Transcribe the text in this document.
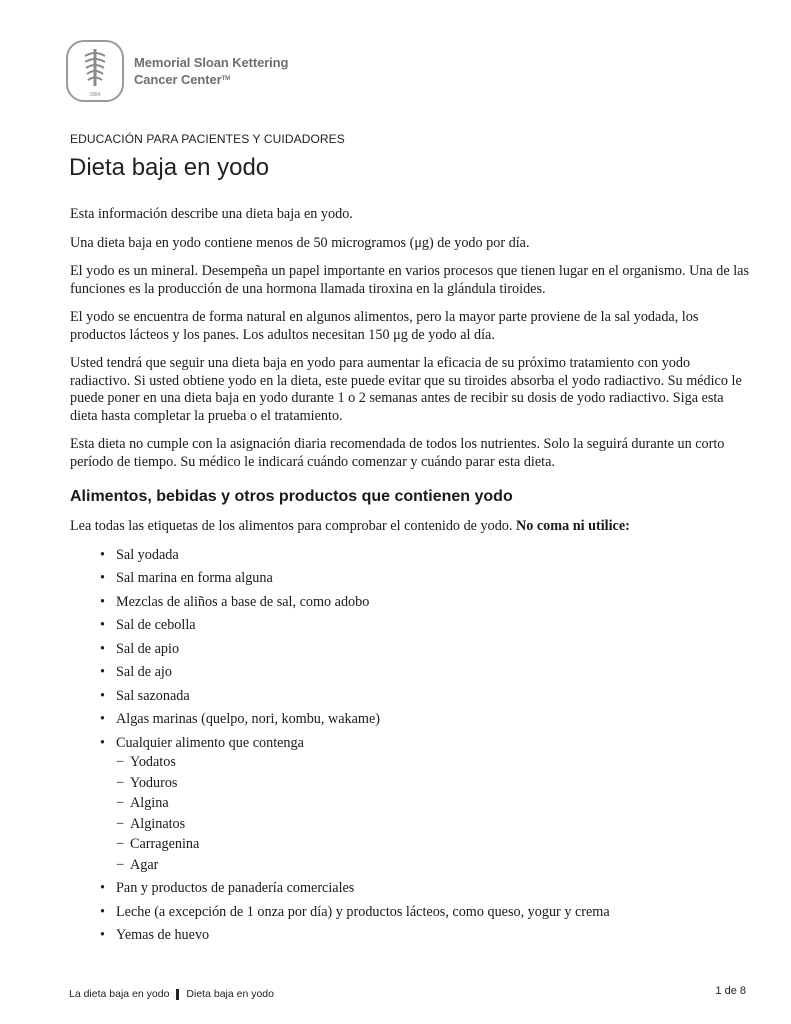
1884
Memorial Sloan Kettering
Cancer CenterTM
EDUCACIÓN PARA PACIENTES Y CUIDADORES
Dieta baja en yodo

Esta información describe una dieta baja en yodo.

Una dieta baja en yodo contiene menos de 50 microgramos (μg) de yodo por día.

El yodo es un mineral. Desempeña un papel importante en varios procesos que tienen lugar en el organismo. Una de las funciones es la producción de una hormona llamada tiroxina en la glándula tiroides.

El yodo se encuentra de forma natural en algunos alimentos, pero la mayor parte proviene de la sal yodada, los productos lácteos y los panes. Los adultos necesitan 150 μg de yodo al día.

Usted tendrá que seguir una dieta baja en yodo para aumentar la eficacia de su próximo tratamiento con yodo radiactivo. Si usted obtiene yodo en la dieta, este puede evitar que su tiroides absorba el yodo radiactivo. Su médico le puede poner en una dieta baja en yodo durante 1 o 2 semanas antes de recibir su dosis de yodo radiactivo. Siga esta dieta hasta completar la prueba o el tratamiento.

Esta dieta no cumple con la asignación diaria recomendada de todos los nutrientes. Solo la seguirá durante un corto período de tiempo. Su médico le indicará cuándo comenzar y cuándo parar esta dieta.

Alimentos, bebidas y otros productos que contienen yodo

Lea todas las etiquetas de los alimentos para comprobar el contenido de yodo. No coma ni utilice:

• Sal yodada
• Sal marina en forma alguna
• Mezclas de aliños a base de sal, como adobo
• Sal de cebolla
• Sal de apio
• Sal de ajo
• Sal sazonada
• Algas marinas (quelpo, nori, kombu, wakame)
• Cualquier alimento que contenga
− Yodatos
− Yoduros
− Algina
− Alginatos
− Carragenina
− Agar
• Pan y productos de panadería comerciales
• Leche (a excepción de 1 onza por día) y productos lácteos, como queso, yogur y crema
• Yemas de huevo
La dieta baja en yodo Dieta baja en yodo	1 de 8
